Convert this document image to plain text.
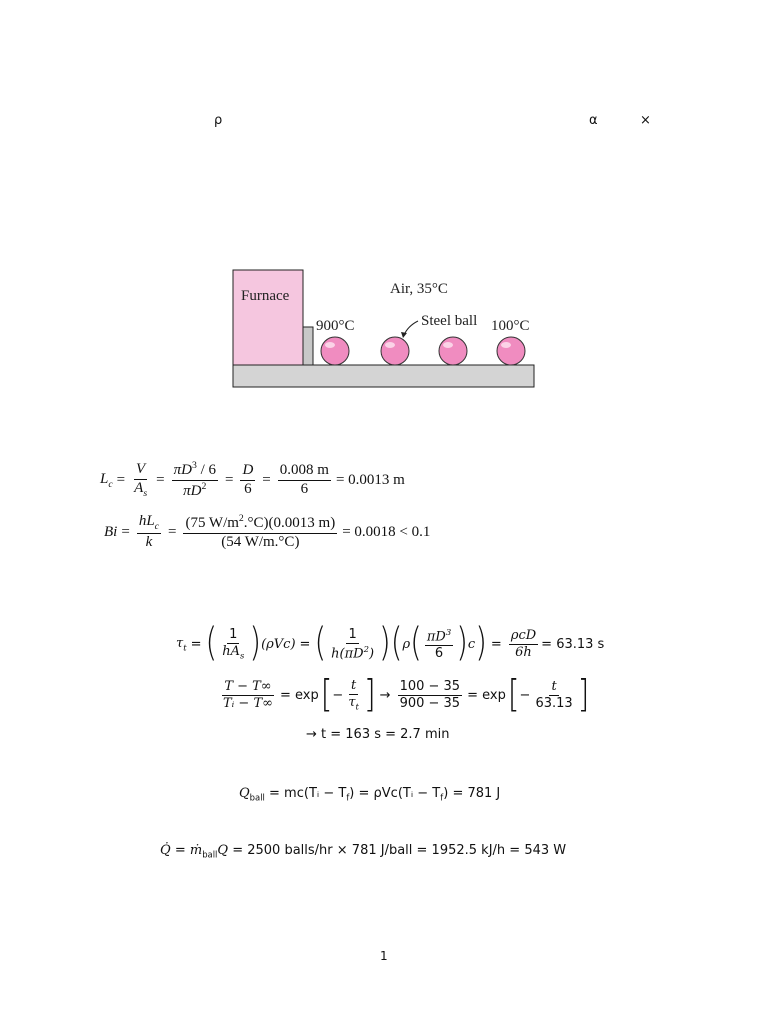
ρ	α	×
Furnace	Air, 35°C
900°C	Steel ball 100°C
$L_c = \frac{V}{A_s} = \frac{\pi D^3 / 6}{\pi D^2} = \frac{D}{6} = \frac{0.008 m}{6} = 0.0013$ m
$Bi = \frac{hL_c}{k} = \frac{(75 W/m^2.^\circ C)(0.0013 m)}{(54 W/m.^\circ C)} = 0.0018 < 0.1$
$\tau_t$ = ( $\frac{1}{hA_s}$ ) (ρVc) = ( $\frac{1}{h(\pi D^2)}$ ) ( ρ ( $\frac{\pi D^3}{6}$ ) c ) = $\frac{\text{ρcD}}{6h} = 63.13$ s
$\frac{T - T\infty}{\text{Tᵢ − T∞}} = \exp$ [ − $\frac{t}{\tau_t}$ ] → $\frac{100 - 35}{900 - 35} = \exp$ [ − $\frac{t}{63.13}$ ]
→ t = 163 s = 2.7 min
$Q_{ball}$ = mc(Tᵢ − $T_f$) = ρVc(Tᵢ − $T_f) = 781$ J
Q̇ = ṁ$_{ball}$Q = 2500 balls/hr × 781 J/ball = 1952.5 kJ/h = 543 W
1
